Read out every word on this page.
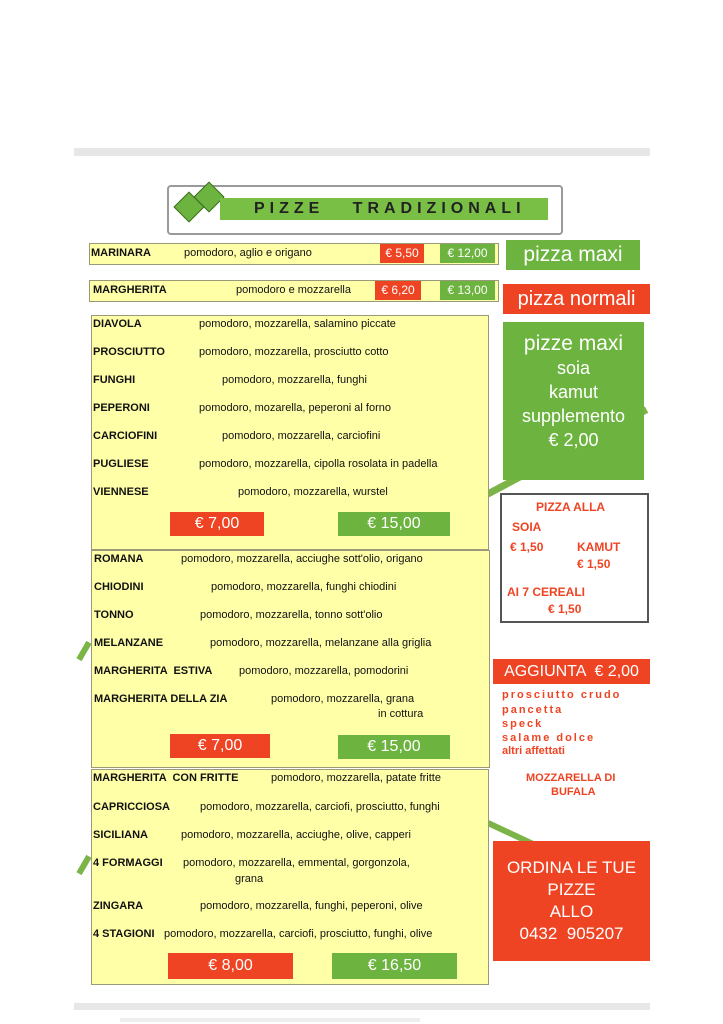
PIZZE   TRADIZIONALI
MARINARA	pomodoro, aglio e origano	€ 5,50	€ 12,00
MARGHERITA	pomodoro e mozzarella	€ 6,20	€ 13,00
DIAVOLA	pomodoro, mozzarella, salamino piccate
PROSCIUTTO	pomodoro, mozzarella, prosciutto cotto
FUNGHI	pomodoro, mozzarella, funghi
PEPERONI	pomodoro, mozarella, peperoni al forno
CARCIOFINI	pomodoro, mozzarella, carciofini
PUGLIESE	pomodoro, mozzarella, cipolla rosolata in padella
VIENNESE	pomodoro, mozzarella, wurstel
€ 7,00	€ 15,00
ROMANA	pomodoro, mozzarella, acciughe sott'olio, origano
CHIODINI	pomodoro, mozzarella, funghi chiodini
TONNO	pomodoro, mozzarella, tonno sott'olio
MELANZANE	pomodoro, mozzarella, melanzane alla griglia
MARGHERITA  ESTIVA pomodoro, mozzarella, pomodorini
MARGHERITA DELLA ZIA	pomodoro, mozzarella, grana
in cottura
€ 7,00	€ 15,00
MARGHERITA  CON FRITTE	pomodoro, mozzarella, patate fritte
CAPRICCIOSA	pomodoro, mozzarella, carciofi, prosciutto, funghi
SICILIANA	pomodoro, mozzarella, acciughe, olive, capperi
4 FORMAGGI pomodoro, mozzarella, emmental, gorgonzola,
grana
ZINGARA	pomodoro, mozzarella, funghi, peperoni, olive
4 STAGIONI pomodoro, mozzarella, carciofi, prosciutto, funghi, olive
€ 8,00	€ 16,50
pizza maxi
pizza normali
pizze maxi
soia
kamut
supplemento
€ 2,00
PIZZA ALLA
SOIA
€ 1,50	KAMUT
€ 1,50
AI 7 CEREALI
€ 1,50
AGGIUNTA  € 2,00
prosciutto crudo
pancetta
speck
salame dolce
altri affettati
MOZZARELLA DI
BUFALA
ORDINA LE TUE
PIZZE
ALLO
0432  905207
